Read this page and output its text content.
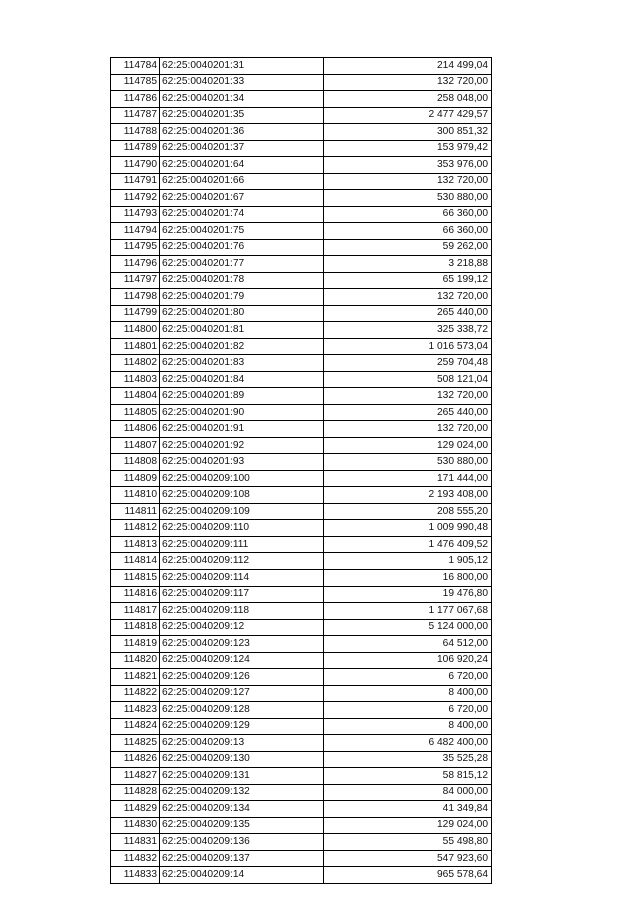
114784	62:25:0040201:31	214 499,04
114785	62:25:0040201:33	132 720,00
114786	62:25:0040201:34	258 048,00
114787	62:25:0040201:35	2 477 429,57
114788	62:25:0040201:36	300 851,32
114789	62:25:0040201:37	153 979,42
114790	62:25:0040201:64	353 976,00
114791	62:25:0040201:66	132 720,00
114792	62:25:0040201:67	530 880,00
114793	62:25:0040201:74	66 360,00
114794	62:25:0040201:75	66 360,00
114795	62:25:0040201:76	59 262,00
114796	62:25:0040201:77	3 218,88
114797	62:25:0040201:78	65 199,12
114798	62:25:0040201:79	132 720,00
114799	62:25:0040201:80	265 440,00
114800	62:25:0040201:81	325 338,72
114801	62:25:0040201:82	1 016 573,04
114802	62:25:0040201:83	259 704,48
114803	62:25:0040201:84	508 121,04
114804	62:25:0040201:89	132 720,00
114805	62:25:0040201:90	265 440,00
114806	62:25:0040201:91	132 720,00
114807	62:25:0040201:92	129 024,00
114808	62:25:0040201:93	530 880,00
114809	62:25:0040209:100	171 444,00
114810	62:25:0040209:108	2 193 408,00
114811	62:25:0040209:109	208 555,20
114812	62:25:0040209:110	1 009 990,48
114813	62:25:0040209:111	1 476 409,52
114814	62:25:0040209:112	1 905,12
114815	62:25:0040209:114	16 800,00
114816	62:25:0040209:117	19 476,80
114817	62:25:0040209:118	1 177 067,68
114818	62:25:0040209:12	5 124 000,00
114819	62:25:0040209:123	64 512,00
114820	62:25:0040209:124	106 920,24
114821	62:25:0040209:126	6 720,00
114822	62:25:0040209:127	8 400,00
114823	62:25:0040209:128	6 720,00
114824	62:25:0040209:129	8 400,00
114825	62:25:0040209:13	6 482 400,00
114826	62:25:0040209:130	35 525,28
114827	62:25:0040209:131	58 815,12
114828	62:25:0040209:132	84 000,00
114829	62:25:0040209:134	41 349,84
114830	62:25:0040209:135	129 024,00
114831	62:25:0040209:136	55 498,80
114832	62:25:0040209:137	547 923,60
114833	62:25:0040209:14	965 578,64
